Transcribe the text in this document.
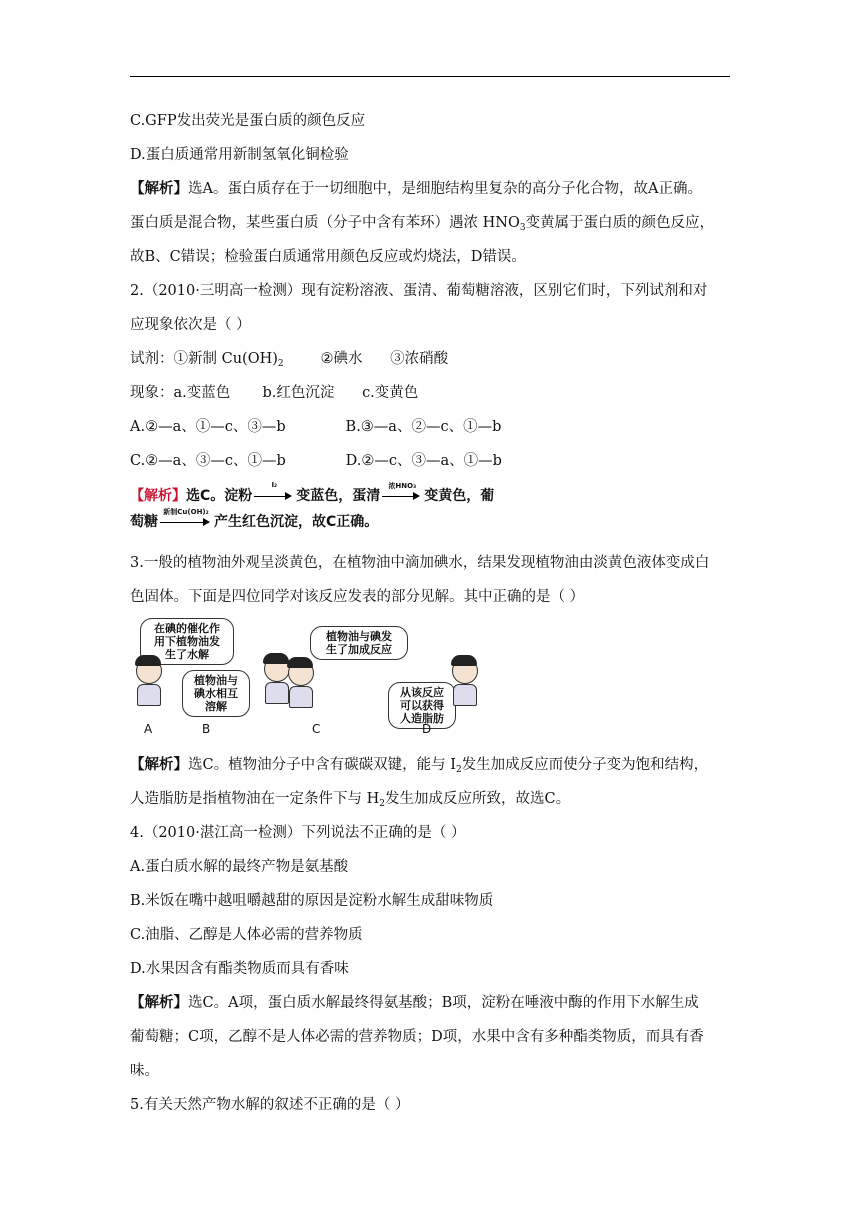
C.GFP发出荧光是蛋白质的颜色反应
D.蛋白质通常用新制氢氧化铜检验
【解析】选A。蛋白质存在于一切细胞中，是细胞结构里复杂的高分子化合物，故A正确。
蛋白质是混合物，某些蛋白质（分子中含有苯环）遇浓 $HNO_3$变黄属于蛋白质的颜色反应，
故B、C错误；检验蛋白质通常用颜色反应或灼烧法，D错误。
2.（2010·三明高一检测）现有淀粉溶液、蛋清、葡萄糖溶液，区别它们时，下列试剂和对
应现象依次是（ ）
试剂：①新制 $Cu(OH)_2$        ②碘水      ③浓硝酸
现象：a.变蓝色       b.红色沉淀      c.变黄色
A.②—a、①—c、③—b             B.③—a、②—c、①—b
C.②—a、③—c、①—b             D.②—c、③—a、①—b
【解析】选C。淀粉
I₂
变蓝色，蛋清
浓HNO₃
变黄色，葡
萄糖
新制Cu(OH)₂
产生红色沉淀，故C正确。
3.一般的植物油外观呈淡黄色，在植物油中滴加碘水，结果发现植物油由淡黄色液体变成白
色固体。下面是四位同学对该反应发表的部分见解。其中正确的是（ ）
在碘的催化作
用下植物油发
生了水解
植物油与
碘水相互
溶解
植物油与碘发
生了加成反应
从该反应
可以获得
人造脂肪
A	B	C	D
【解析】选C。植物油分子中含有碳碳双键，能与 $I_2$发生加成反应而使分子变为饱和结构，
人造脂肪是指植物油在一定条件下与 $H_2$发生加成反应所致，故选C。
4.（2010·湛江高一检测）下列说法不正确的是（ ）
A.蛋白质水解的最终产物是氨基酸
B.米饭在嘴中越咀嚼越甜的原因是淀粉水解生成甜味物质
C.油脂、乙醇是人体必需的营养物质
D.水果因含有酯类物质而具有香味
【解析】选C。A项，蛋白质水解最终得氨基酸；B项，淀粉在唾液中酶的作用下水解生成
葡萄糖；C项，乙醇不是人体必需的营养物质；D项，水果中含有多种酯类物质，而具有香
味。
5.有关天然产物水解的叙述不正确的是（ ）
